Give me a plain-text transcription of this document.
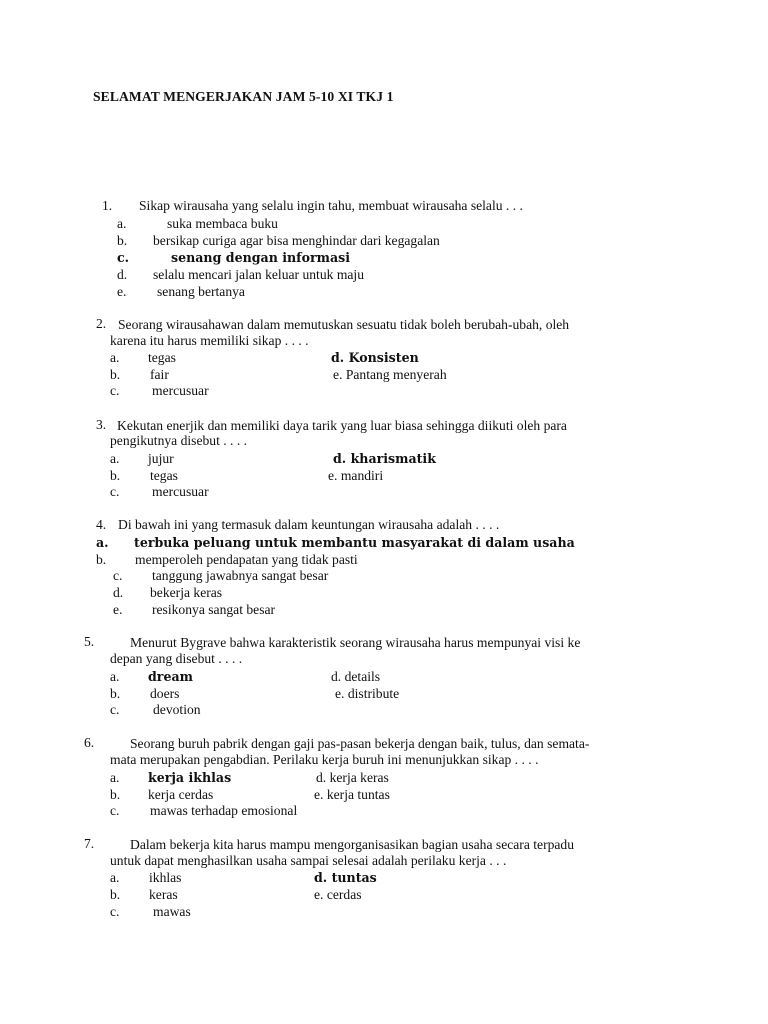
SELAMAT MENGERJAKAN JAM 5-10 XI TKJ 1
1. Sikap wirausaha yang selalu ingin tahu, membuat wirausaha selalu . . .
a.	suka membaca buku
b. bersikap curiga agar bisa menghindar dari kegagalan
c.	senang dengan informasi
d. selalu mencari jalan keluar untuk maju
e. senang bertanya
2. Seorang wirausahawan dalam memutuskan sesuatu tidak boleh berubah-ubah, oleh
karena itu harus memiliki sikap . . . .
a. tegas
b. fair
c. mercusuar
d. Konsisten
e. Pantang menyerah
3. Kekutan enerjik dan memiliki daya tarik yang luar biasa sehingga diikuti oleh para
pengikutnya disebut . . . .
a. jujur
b. tegas
c. mercusuar
d. kharismatik
e. mandiri
4. Di bawah ini yang termasuk dalam keuntungan wirausaha adalah . . . .
a. terbuka peluang untuk membantu masyarakat di dalam usaha
b. memperoleh pendapatan yang tidak pasti
c. tanggung jawabnya sangat besar
d. bekerja keras
e. resikonya sangat besar
5.	Menurut Bygrave bahwa karakteristik seorang wirausaha harus mempunyai visi ke
depan yang disebut . . . .
a. dream
b. doers
c. devotion
d. details
e. distribute
6.	Seorang buruh pabrik dengan gaji pas-pasan bekerja dengan baik, tulus, dan semata-
mata merupakan pengabdian. Perilaku kerja buruh ini menunjukkan sikap . . . .
a. kerja ikhlas
b. kerja cerdas
c. mawas terhadap emosional
d. kerja keras
e. kerja tuntas
7.	Dalam bekerja kita harus mampu mengorganisasikan bagian usaha secara terpadu
untuk dapat menghasilkan usaha sampai selesai adalah perilaku kerja . . .
a. ikhlas
b. keras
c. mawas
d. tuntas
e. cerdas
